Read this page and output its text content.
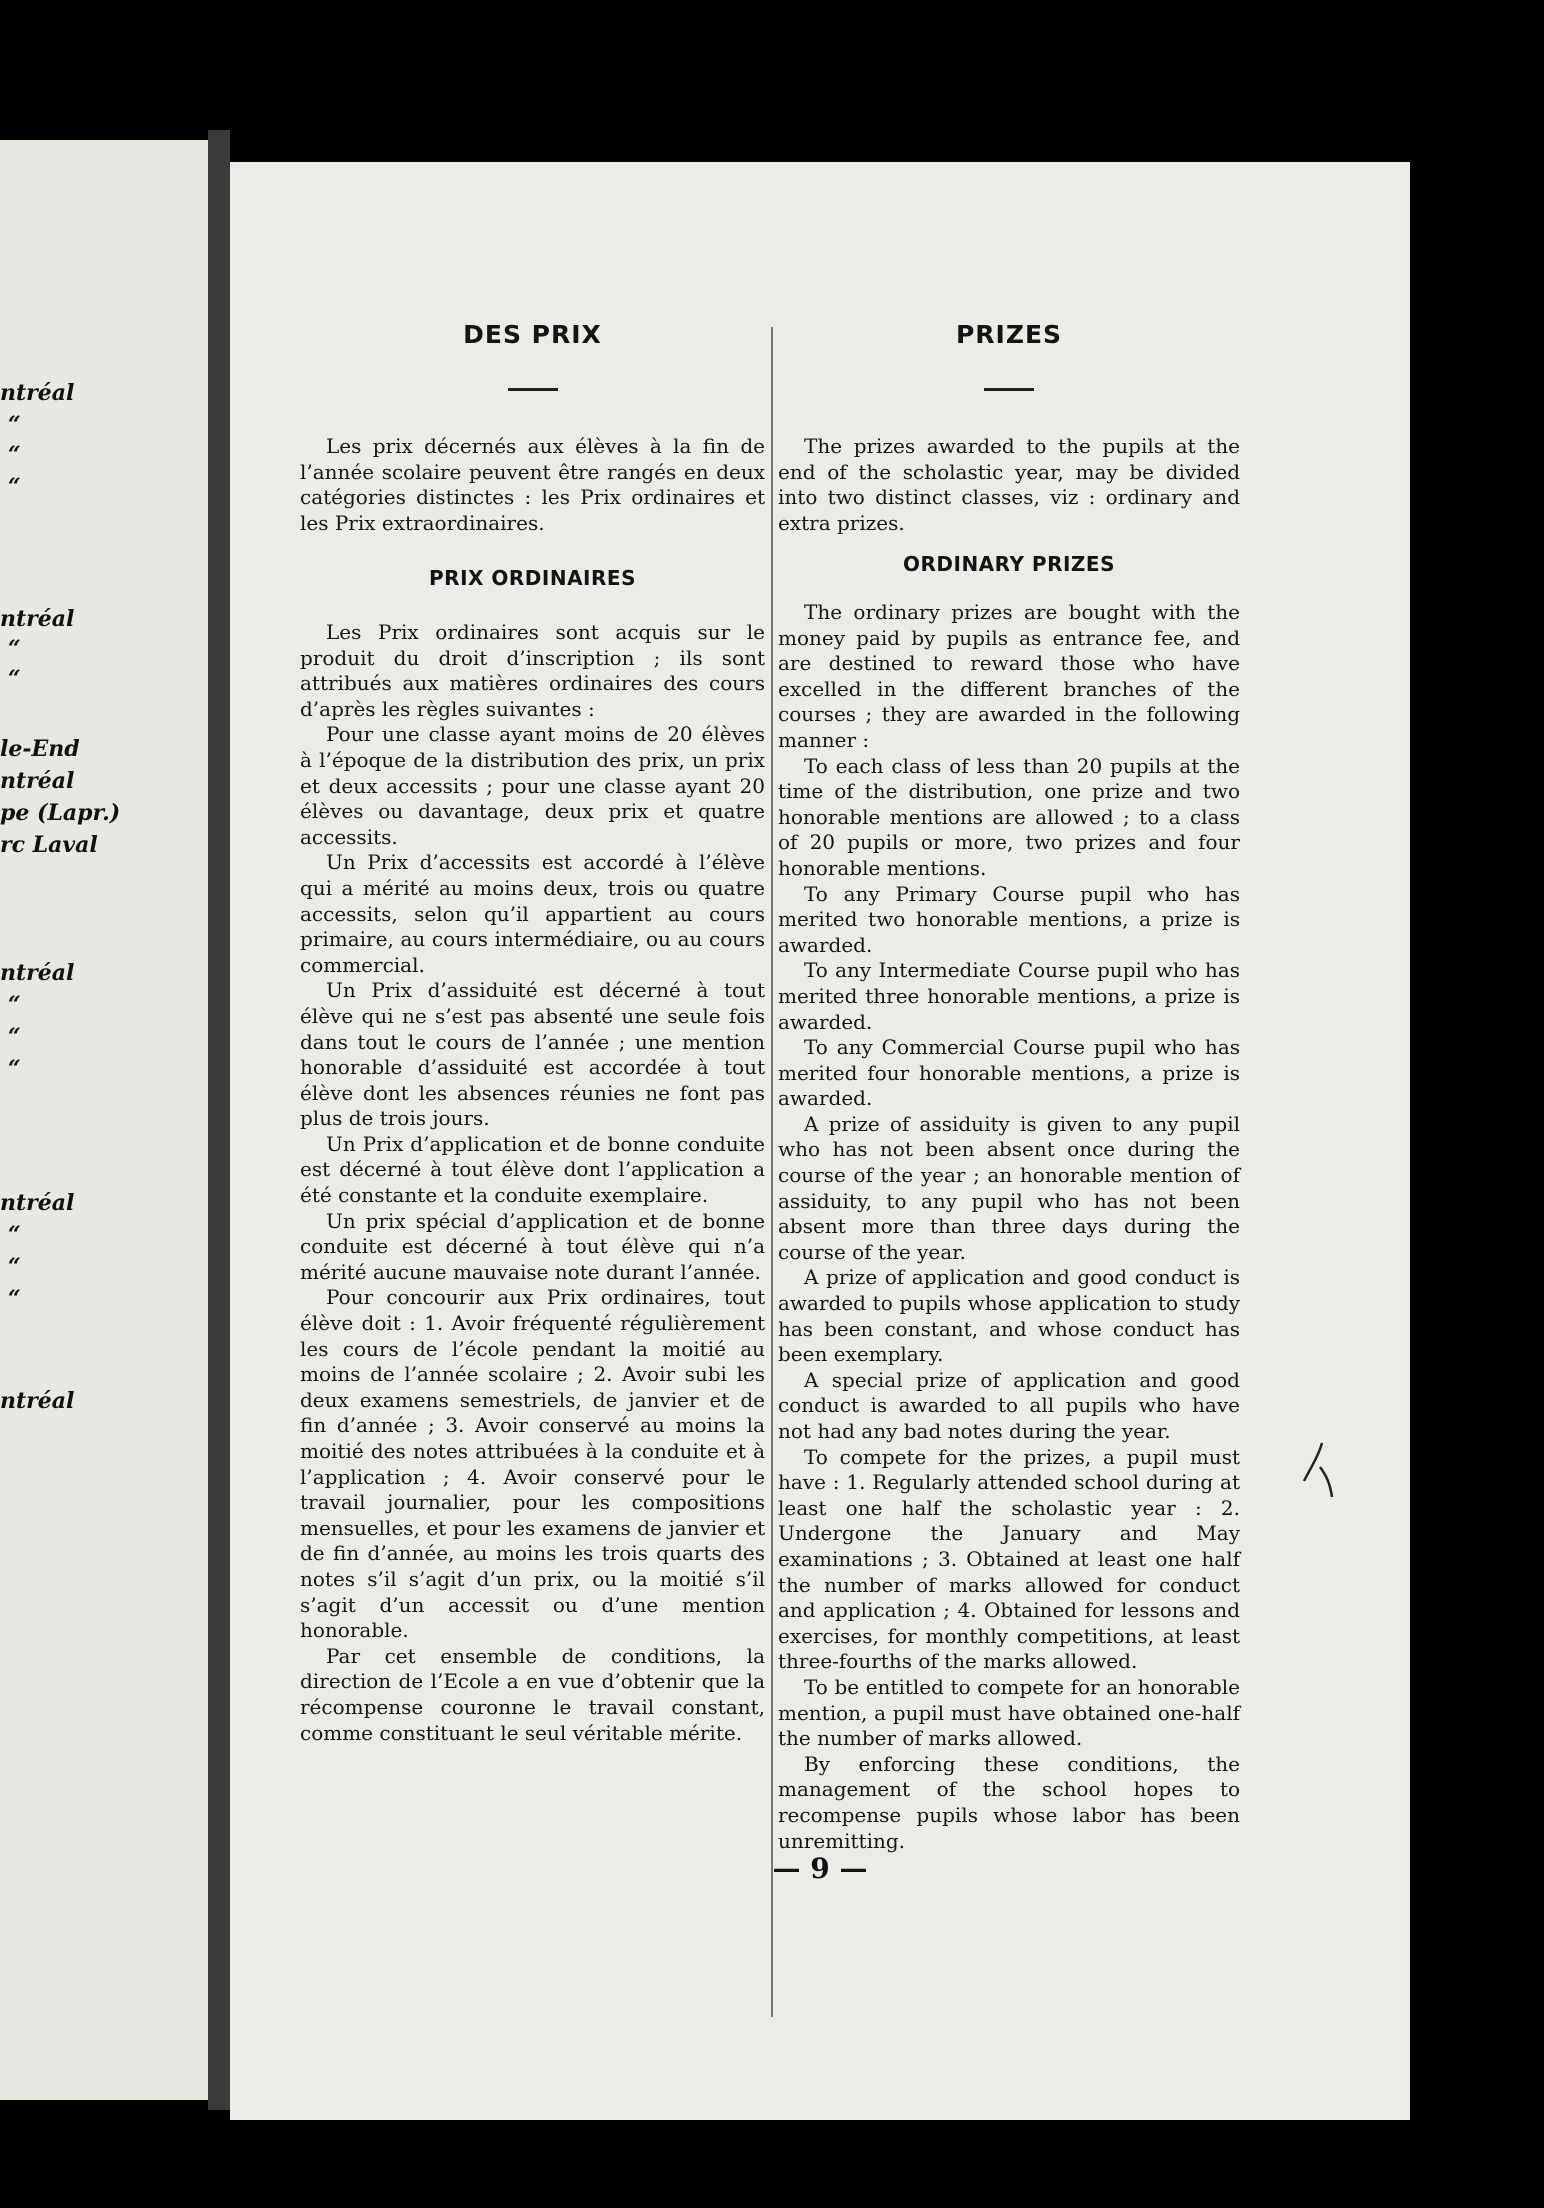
ntréal
“
“
“
ntréal
“
“
le-End
ntréal
pe (Lapr.)
rc Laval
ntréal
“
“
“
ntréal
“
“
“
ntréal
DES PRIX

Les prix décernés aux élèves à la fin de l’année scolaire peuvent être rangés en deux catégories distinctes : les Prix ordinaires et les Prix extraordinaires.

PRIX ORDINAIRES

Les Prix ordinaires sont acquis sur le produit du droit d’inscription ; ils sont attribués aux matières ordinaires des cours d’après les règles suivantes :

Pour une classe ayant moins de 20 élèves à l’époque de la distribution des prix, un prix et deux accessits ; pour une classe ayant 20 élèves ou davantage, deux prix et quatre accessits.

Un Prix d’accessits est accordé à l’élève qui a mérité au moins deux, trois ou quatre accessits, selon qu’il appartient au cours primaire, au cours intermédiaire, ou au cours commercial.

Un Prix d’assiduité est décerné à tout élève qui ne s’est pas absenté une seule fois dans tout le cours de l’année ; une mention honorable d’assiduité est accordée à tout élève dont les absences réunies ne font pas plus de trois jours.

Un Prix d’application et de bonne conduite est décerné à tout élève dont l’application a été constante et la conduite exemplaire.

Un prix spécial d’application et de bonne conduite est décerné à tout élève qui n’a mérité aucune mauvaise note durant l’année.

Pour concourir aux Prix ordinaires, tout élève doit : 1. Avoir fréquenté régulièrement les cours de l’école pendant la moitié au moins de l’année scolaire ; 2. Avoir subi les deux examens semestriels, de janvier et de fin d’année ; 3. Avoir conservé au moins la moitié des notes attribuées à la conduite et à l’application ; 4. Avoir conservé pour le travail journalier, pour les compositions mensuelles, et pour les examens de janvier et de fin d’année, au moins les trois quarts des notes s’il s’agit d’un prix, ou la moitié s’il s’agit d’un accessit ou d’une mention honorable.

Par cet ensemble de conditions, la direction de l’Ecole a en vue d’obtenir que la récompense couronne le travail constant, comme constituant le seul véritable mérite.

PRIZES

The prizes awarded to the pupils at the end of the scholastic year, may be divided into two distinct classes, viz : ordinary and extra prizes.

ORDINARY PRIZES

The ordinary prizes are bought with the money paid by pupils as entrance fee, and are destined to reward those who have excelled in the different branches of the courses ; they are awarded in the following manner :

To each class of less than 20 pupils at the time of the distribution, one prize and two honorable mentions are allowed ; to a class of 20 pupils or more, two prizes and four honorable mentions.

To any Primary Course pupil who has merited two honorable mentions, a prize is awarded.

To any Intermediate Course pupil who has merited three honorable mentions, a prize is awarded.

To any Commercial Course pupil who has merited four honorable mentions, a prize is awarded.

A prize of assiduity is given to any pupil who has not been absent once during the course of the year ; an honorable mention of assiduity, to any pupil who has not been absent more than three days during the course of the year.

A prize of application and good conduct is awarded to pupils whose application to study has been constant, and whose conduct has been exemplary.

A special prize of application and good conduct is awarded to all pupils who have not had any bad notes during the year.

To compete for the prizes, a pupil must have : 1. Regularly attended school during at least one half the scholastic year : 2. Undergone the January and May examinations ; 3. Obtained at least one half the number of marks allowed for conduct and application ; 4. Obtained for lessons and exercises, for monthly competitions, at least three-fourths of the marks allowed.

To be entitled to compete for an honorable mention, a pupil must have obtained one-half the number of marks allowed.

By enforcing these conditions, the management of the school hopes to recompense pupils whose labor has been unremitting.

— 9 —
